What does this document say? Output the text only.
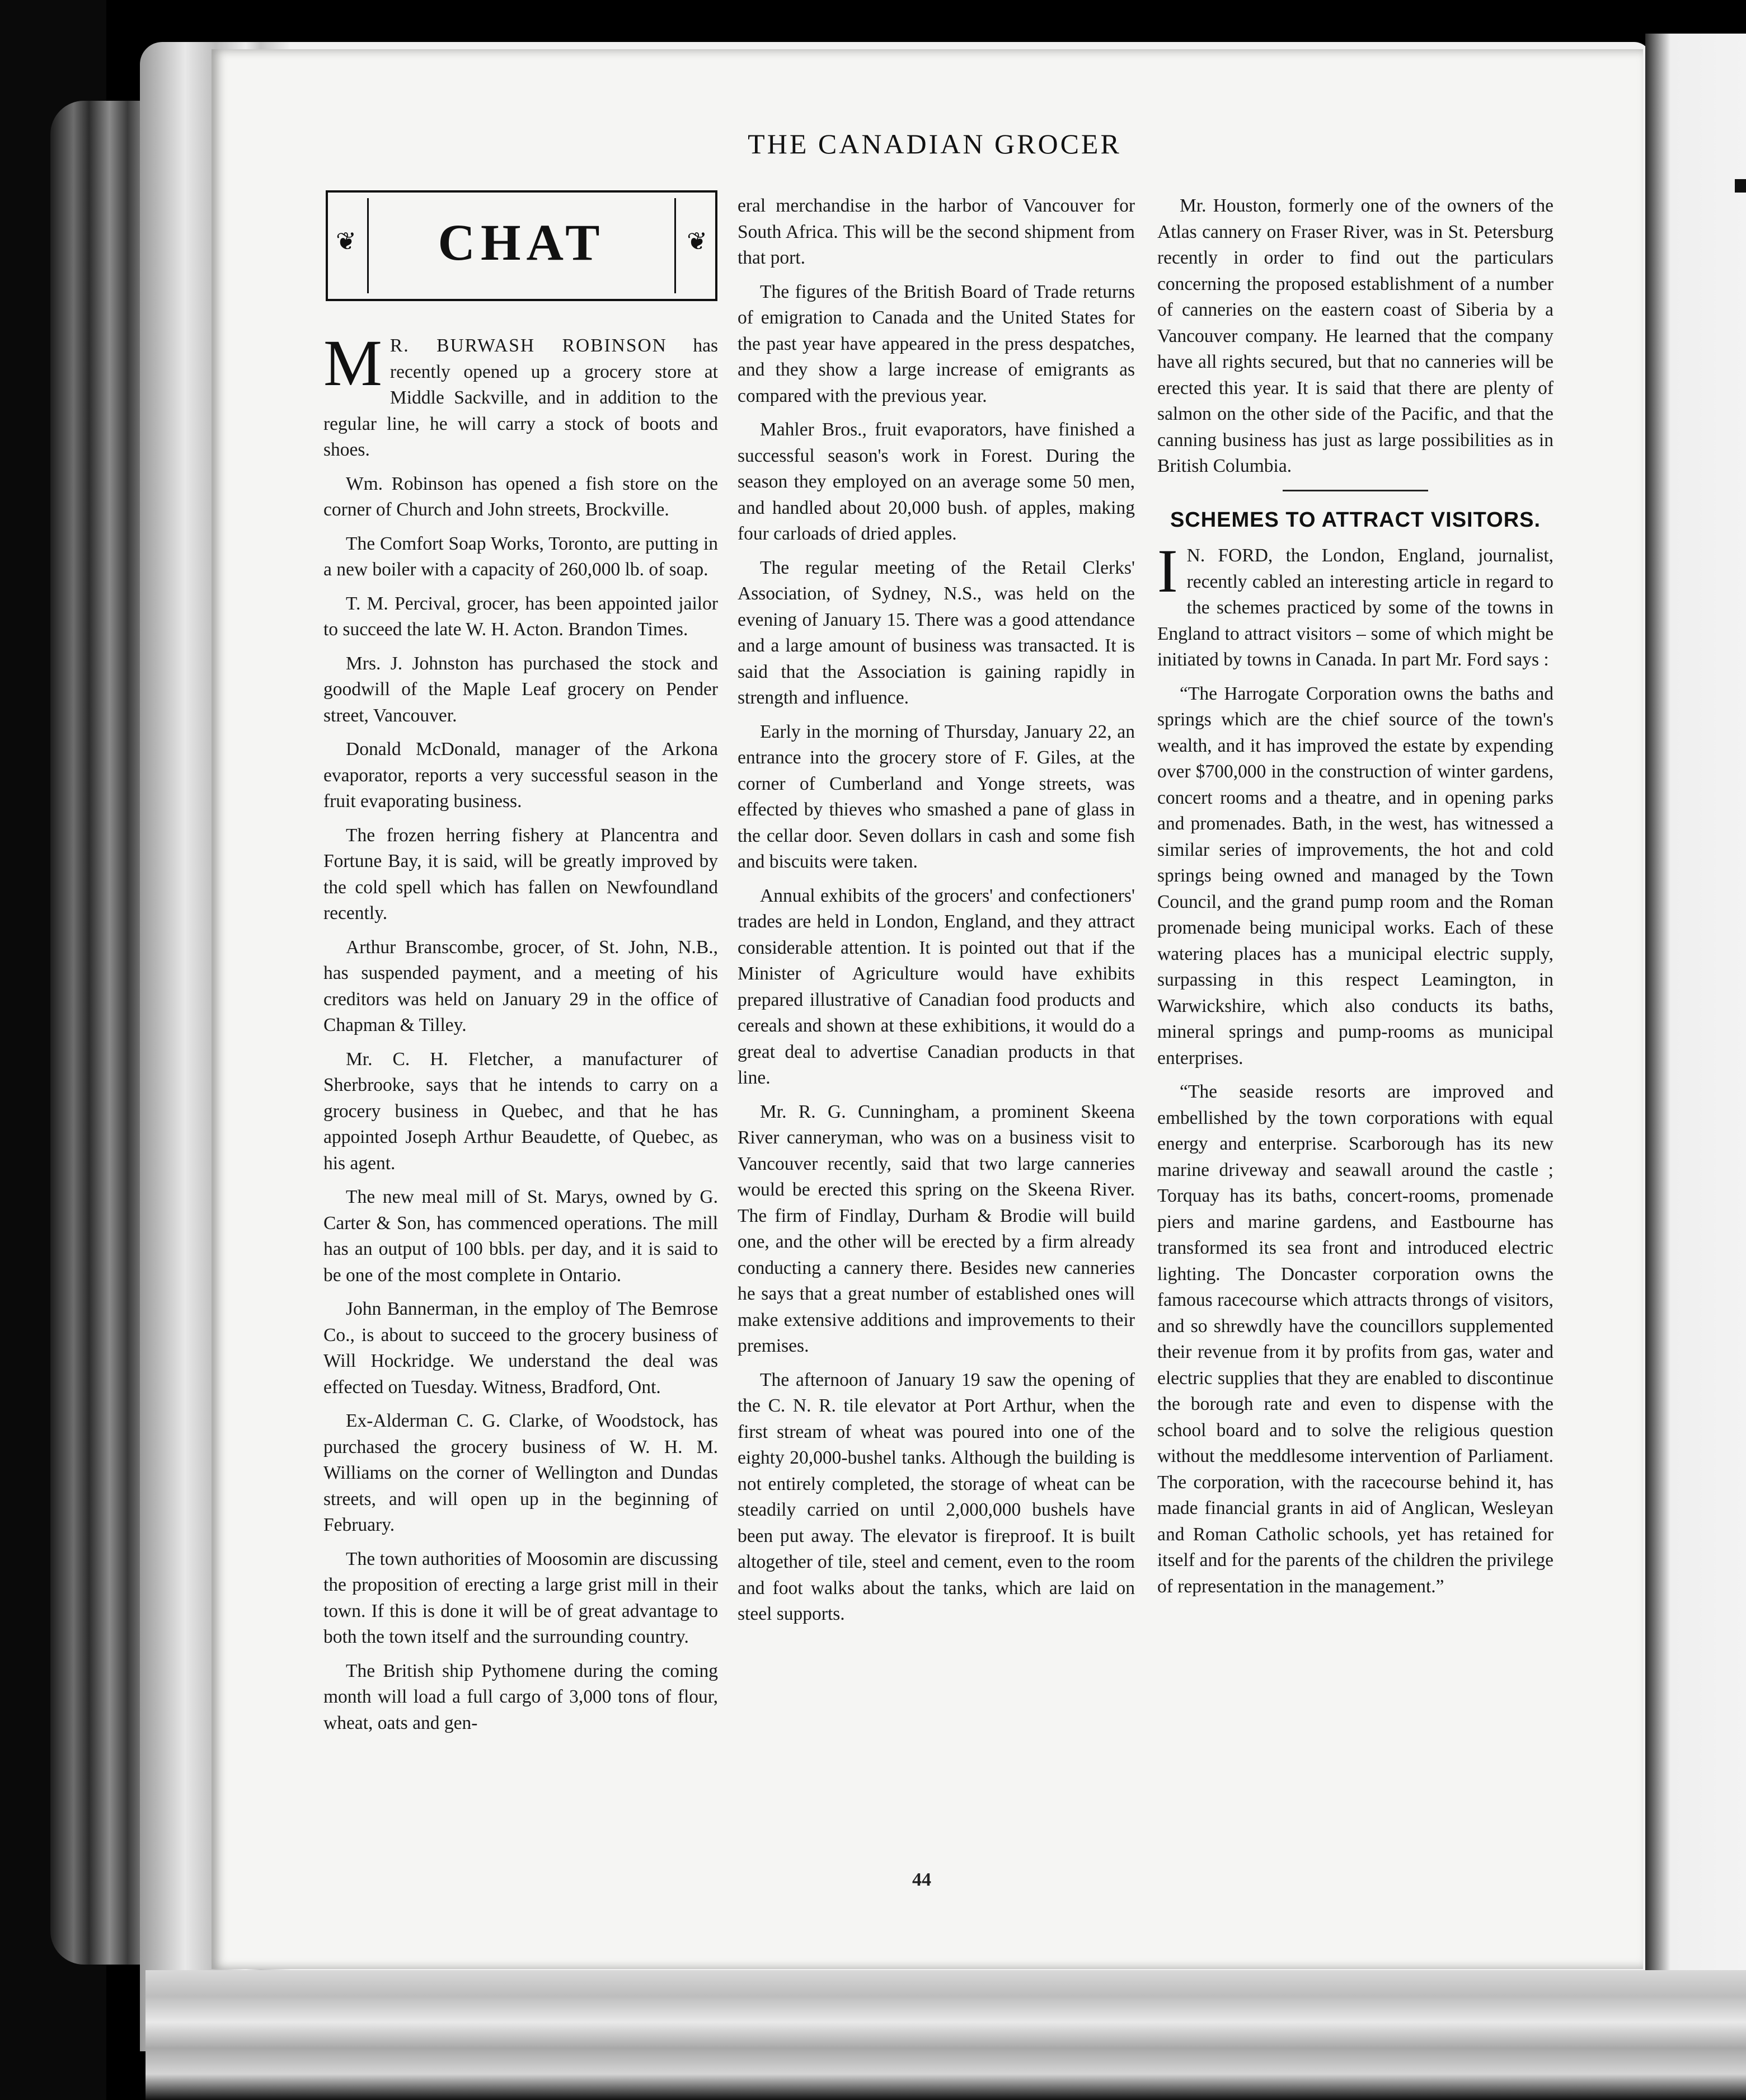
THE CANADIAN GROCER
❦	CHAT	❦

M R. BURWASH ROBINSON has recently opened up a grocery store at Middle Sackville, and in addition to the regular line, he will carry a stock of boots and shoes.

Wm. Robinson has opened a fish store on the corner of Church and John streets, Brockville.

The Comfort Soap Works, Toronto, are putting in a new boiler with a capacity of 260,000 lb. of soap.

T. M. Percival, grocer, has been appointed jailor to succeed the late W. H. Acton. Brandon Times.

Mrs. J. Johnston has purchased the stock and goodwill of the Maple Leaf grocery on Pender street, Vancouver.

Donald McDonald, manager of the Arkona evaporator, reports a very successful season in the fruit evaporating business.

The frozen herring fishery at Plancentra and Fortune Bay, it is said, will be greatly improved by the cold spell which has fallen on Newfoundland recently.

Arthur Branscombe, grocer, of St. John, N.B., has suspended payment, and a meeting of his creditors was held on January 29 in the office of Chapman & Tilley.

Mr. C. H. Fletcher, a manufacturer of Sherbrooke, says that he intends to carry on a grocery business in Quebec, and that he has appointed Joseph Arthur Beaudette, of Quebec, as his agent.

The new meal mill of St. Marys, owned by G. Carter & Son, has commenced operations. The mill has an output of 100 bbls. per day, and it is said to be one of the most complete in Ontario.

John Bannerman, in the employ of The Bemrose Co., is about to succeed to the grocery business of Will Hockridge. We understand the deal was effected on Tuesday. Witness, Bradford, Ont.

Ex-Alderman C. G. Clarke, of Woodstock, has purchased the grocery business of W. H. M. Williams on the corner of Wellington and Dundas streets, and will open up in the beginning of February.

The town authorities of Moosomin are discussing the proposition of erecting a large grist mill in their town. If this is done it will be of great advantage to both the town itself and the surrounding country.

The British ship Pythomene during the coming month will load a full cargo of 3,000 tons of flour, wheat, oats and gen-

eral merchandise in the harbor of Vancouver for South Africa. This will be the second shipment from that port.

The figures of the British Board of Trade returns of emigration to Canada and the United States for the past year have appeared in the press despatches, and they show a large increase of emigrants as compared with the previous year.

Mahler Bros., fruit evaporators, have finished a successful season's work in Forest. During the season they employed on an average some 50 men, and handled about 20,000 bush. of apples, making four carloads of dried apples.

The regular meeting of the Retail Clerks' Association, of Sydney, N.S., was held on the evening of January 15. There was a good attendance and a large amount of business was transacted. It is said that the Association is gaining rapidly in strength and influence.

Early in the morning of Thursday, January 22, an entrance into the grocery store of F. Giles, at the corner of Cumberland and Yonge streets, was effected by thieves who smashed a pane of glass in the cellar door. Seven dollars in cash and some fish and biscuits were taken.

Annual exhibits of the grocers' and confectioners' trades are held in London, England, and they attract considerable attention. It is pointed out that if the Minister of Agriculture would have exhibits prepared illustrative of Canadian food products and cereals and shown at these exhibitions, it would do a great deal to advertise Canadian products in that line.

Mr. R. G. Cunningham, a prominent Skeena River canneryman, who was on a business visit to Vancouver recently, said that two large canneries would be erected this spring on the Skeena River. The firm of Findlay, Durham & Brodie will build one, and the other will be erected by a firm already conducting a cannery there. Besides new canneries he says that a great number of established ones will make extensive additions and improvements to their premises.

The afternoon of January 19 saw the opening of the C. N. R. tile elevator at Port Arthur, when the first stream of wheat was poured into one of the eighty 20,000-bushel tanks. Although the building is not entirely completed, the storage of wheat can be steadily carried on until 2,000,000 bushels have been put away. The elevator is fireproof. It is built altogether of tile, steel and cement, even to the room and foot walks about the tanks, which are laid on steel supports.

Mr. Houston, formerly one of the owners of the Atlas cannery on Fraser River, was in St. Petersburg recently in order to find out the particulars concerning the proposed establishment of a number of canneries on the eastern coast of Siberia by a Vancouver company. He learned that the company have all rights secured, but that no canneries will be erected this year. It is said that there are plenty of salmon on the other side of the Pacific, and that the canning business has just as large possibilities as in British Columbia.

SCHEMES TO ATTRACT VISITORS.

I N. FORD, the London, England, journalist, recently cabled an interesting article in regard to the schemes practiced by some of the towns in England to attract visitors – some of which might be initiated by towns in Canada. In part Mr. Ford says :

“The Harrogate Corporation owns the baths and springs which are the chief source of the town's wealth, and it has improved the estate by expending over $700,000 in the construction of winter gardens, concert rooms and a theatre, and in opening parks and promenades. Bath, in the west, has witnessed a similar series of improvements, the hot and cold springs being owned and managed by the Town Council, and the grand pump room and the Roman promenade being municipal works. Each of these watering places has a municipal electric supply, surpassing in this respect Leamington, in Warwickshire, which also conducts its baths, mineral springs and pump-rooms as municipal enterprises.

“The seaside resorts are improved and embellished by the town corporations with equal energy and enterprise. Scarborough has its new marine driveway and seawall around the castle ; Torquay has its baths, concert-rooms, promenade piers and marine gardens, and Eastbourne has transformed its sea front and introduced electric lighting. The Doncaster corporation owns the famous racecourse which attracts throngs of visitors, and so shrewdly have the councillors supplemented their revenue from it by profits from gas, water and electric supplies that they are enabled to discontinue the borough rate and even to dispense with the school board and to solve the religious question without the meddlesome intervention of Parliament. The corporation, with the racecourse behind it, has made financial grants in aid of Anglican, Wesleyan and Roman Catholic schools, yet has retained for itself and for the parents of the children the privilege of representation in the management.”

44
